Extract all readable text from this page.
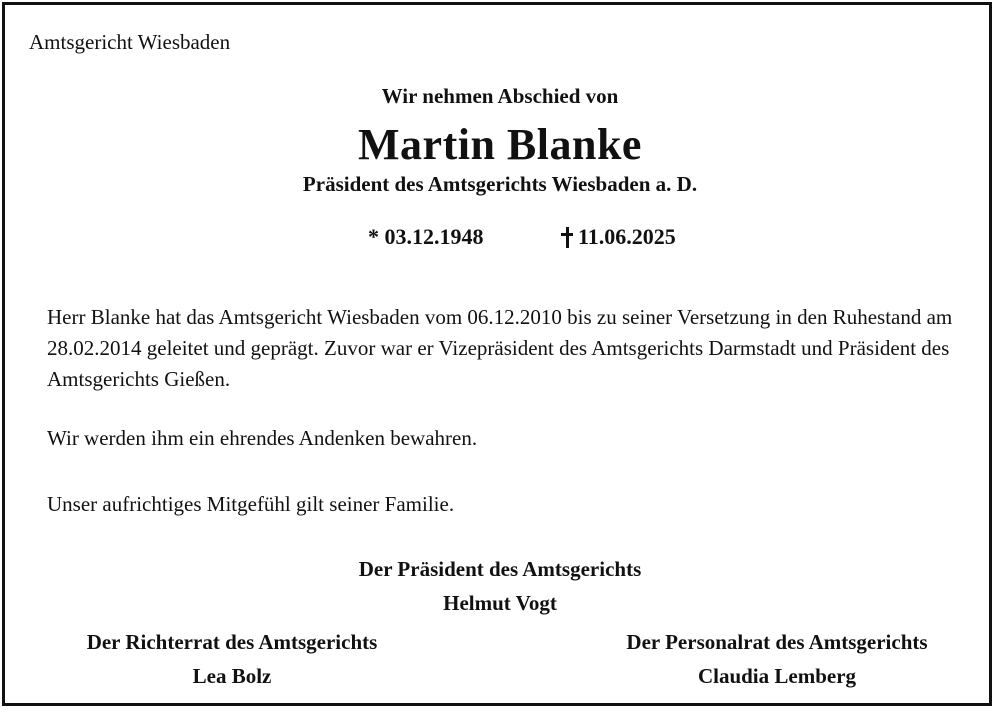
Amtsgericht Wiesbaden
Wir nehmen Abschied von
Martin Blanke
Präsident des Amtsgerichts Wiesbaden a. D.
* 03.12.1948	11.06.2025
Herr Blanke hat das Amtsgericht Wiesbaden vom 06.12.2010 bis zu seiner Versetzung in den Ruhestand am 28.02.2014 geleitet und geprägt. Zuvor war er Vizepräsident des Amtsgerichts Darmstadt und Präsident des Amtsgerichts Gießen.
Wir werden ihm ein ehrendes Andenken bewahren.
Unser aufrichtiges Mitgefühl gilt seiner Familie.
Der Präsident des Amtsgerichts
Helmut Vogt
Der Richterrat des Amtsgerichts
Lea Bolz
Der Personalrat des Amtsgerichts
Claudia Lemberg
